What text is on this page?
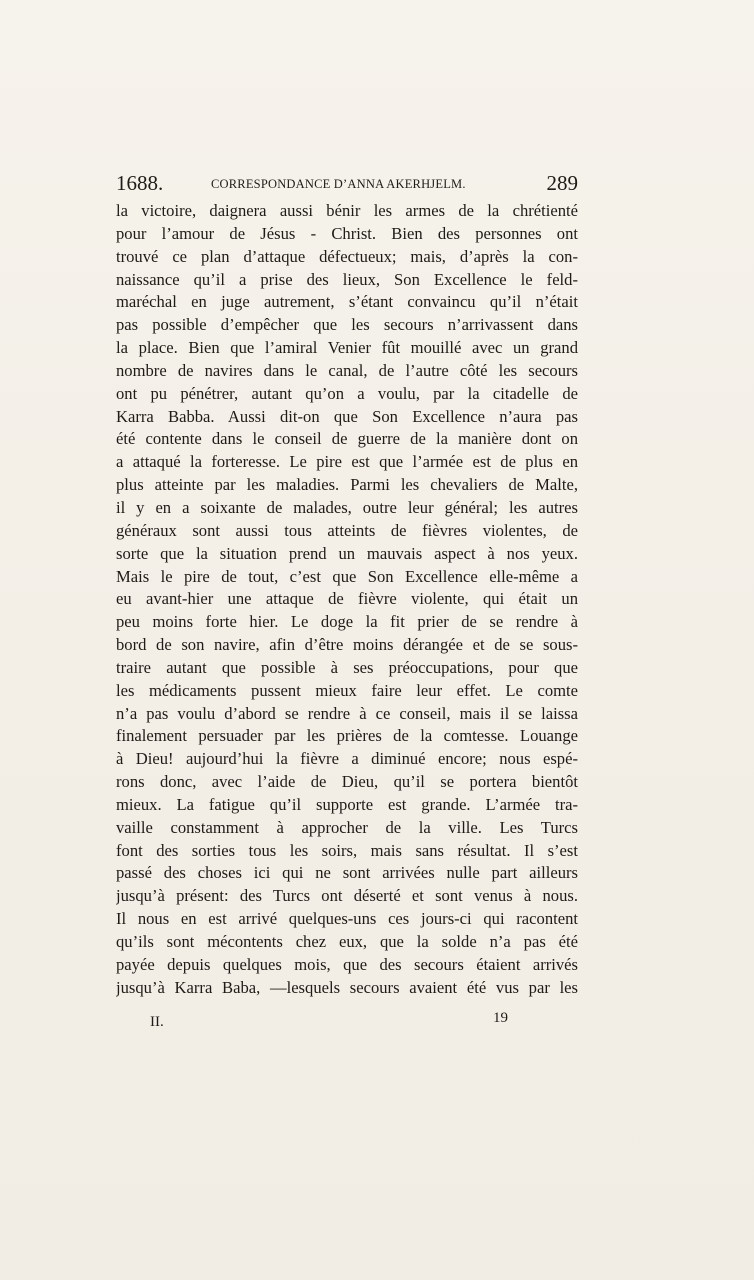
1688.	CORRESPONDANCE D’ANNA AKERHJELM.	289
la victoire, daignera aussi bénir les armes de la chrétienté
pour l’amour de Jésus - Christ. Bien des personnes ont
trouvé ce plan d’attaque défectueux; mais, d’après la con-
naissance qu’il a prise des lieux, Son Excellence le feld-
maréchal en juge autrement, s’étant convaincu qu’il n’était
pas possible d’empêcher que les secours n’arrivassent dans
la place. Bien que l’amiral Venier fût mouillé avec un grand
nombre de navires dans le canal, de l’autre côté les secours
ont pu pénétrer, autant qu’on a voulu, par la citadelle de
Karra Babba. Aussi dit-on que Son Excellence n’aura pas
été contente dans le conseil de guerre de la manière dont on
a attaqué la forteresse. Le pire est que l’armée est de plus en
plus atteinte par les maladies. Parmi les chevaliers de Malte,
il y en a soixante de malades, outre leur général; les autres
généraux sont aussi tous atteints de fièvres violentes, de
sorte que la situation prend un mauvais aspect à nos yeux.
Mais le pire de tout, c’est que Son Excellence elle-même a
eu avant-hier une attaque de fièvre violente, qui était un
peu moins forte hier. Le doge la fit prier de se rendre à
bord de son navire, afin d’être moins dérangée et de se sous-
traire autant que possible à ses préoccupations, pour que
les médicaments pussent mieux faire leur effet. Le comte
n’a pas voulu d’abord se rendre à ce conseil, mais il se laissa
finalement persuader par les prières de la comtesse. Louange
à Dieu! aujourd’hui la fièvre a diminué encore; nous espé-
rons donc, avec l’aide de Dieu, qu’il se portera bientôt
mieux. La fatigue qu’il supporte est grande. L’armée tra-
vaille constamment à approcher de la ville. Les Turcs
font des sorties tous les soirs, mais sans résultat. Il s’est
passé des choses ici qui ne sont arrivées nulle part ailleurs
jusqu’à présent: des Turcs ont déserté et sont venus à nous.
Il nous en est arrivé quelques-uns ces jours-ci qui racontent
qu’ils sont mécontents chez eux, que la solde n’a pas été
payée depuis quelques mois, que des secours étaient arrivés
jusqu’à Karra Baba, —lesquels secours avaient été vus par les
II.	19
